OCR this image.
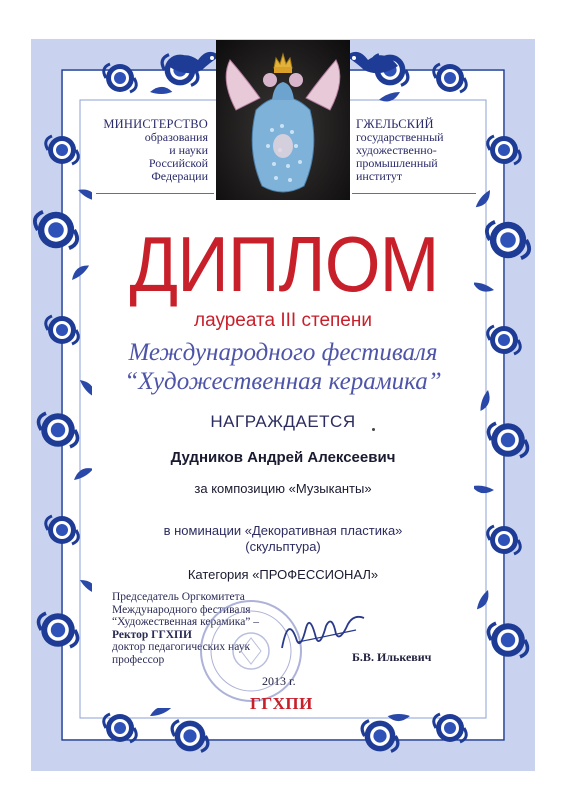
МИНИСТЕРСТВО
образования
и науки
Российской
Федерации
ГЖЕЛЬСКИЙ
государственный
художественно-
промышленный
институт
ДИПЛОМ
лауреата III степени
Международного фестиваля
“Художественная керамика”
НАГРАЖДАЕТСЯ
Дудников Андрей Алексеевич
за композицию «Музыканты»
в номинации «Декоративная пластика»
(скульптура)
Категория «ПРОФЕССИОНАЛ»
Председатель Оргкомитета
Международного фестиваля
“Художественная керамика” –
Ректор ГГХПИ
доктор педагогических наук
профессор	Б.В. Илькевич
2013 г.
ГГХПИ
